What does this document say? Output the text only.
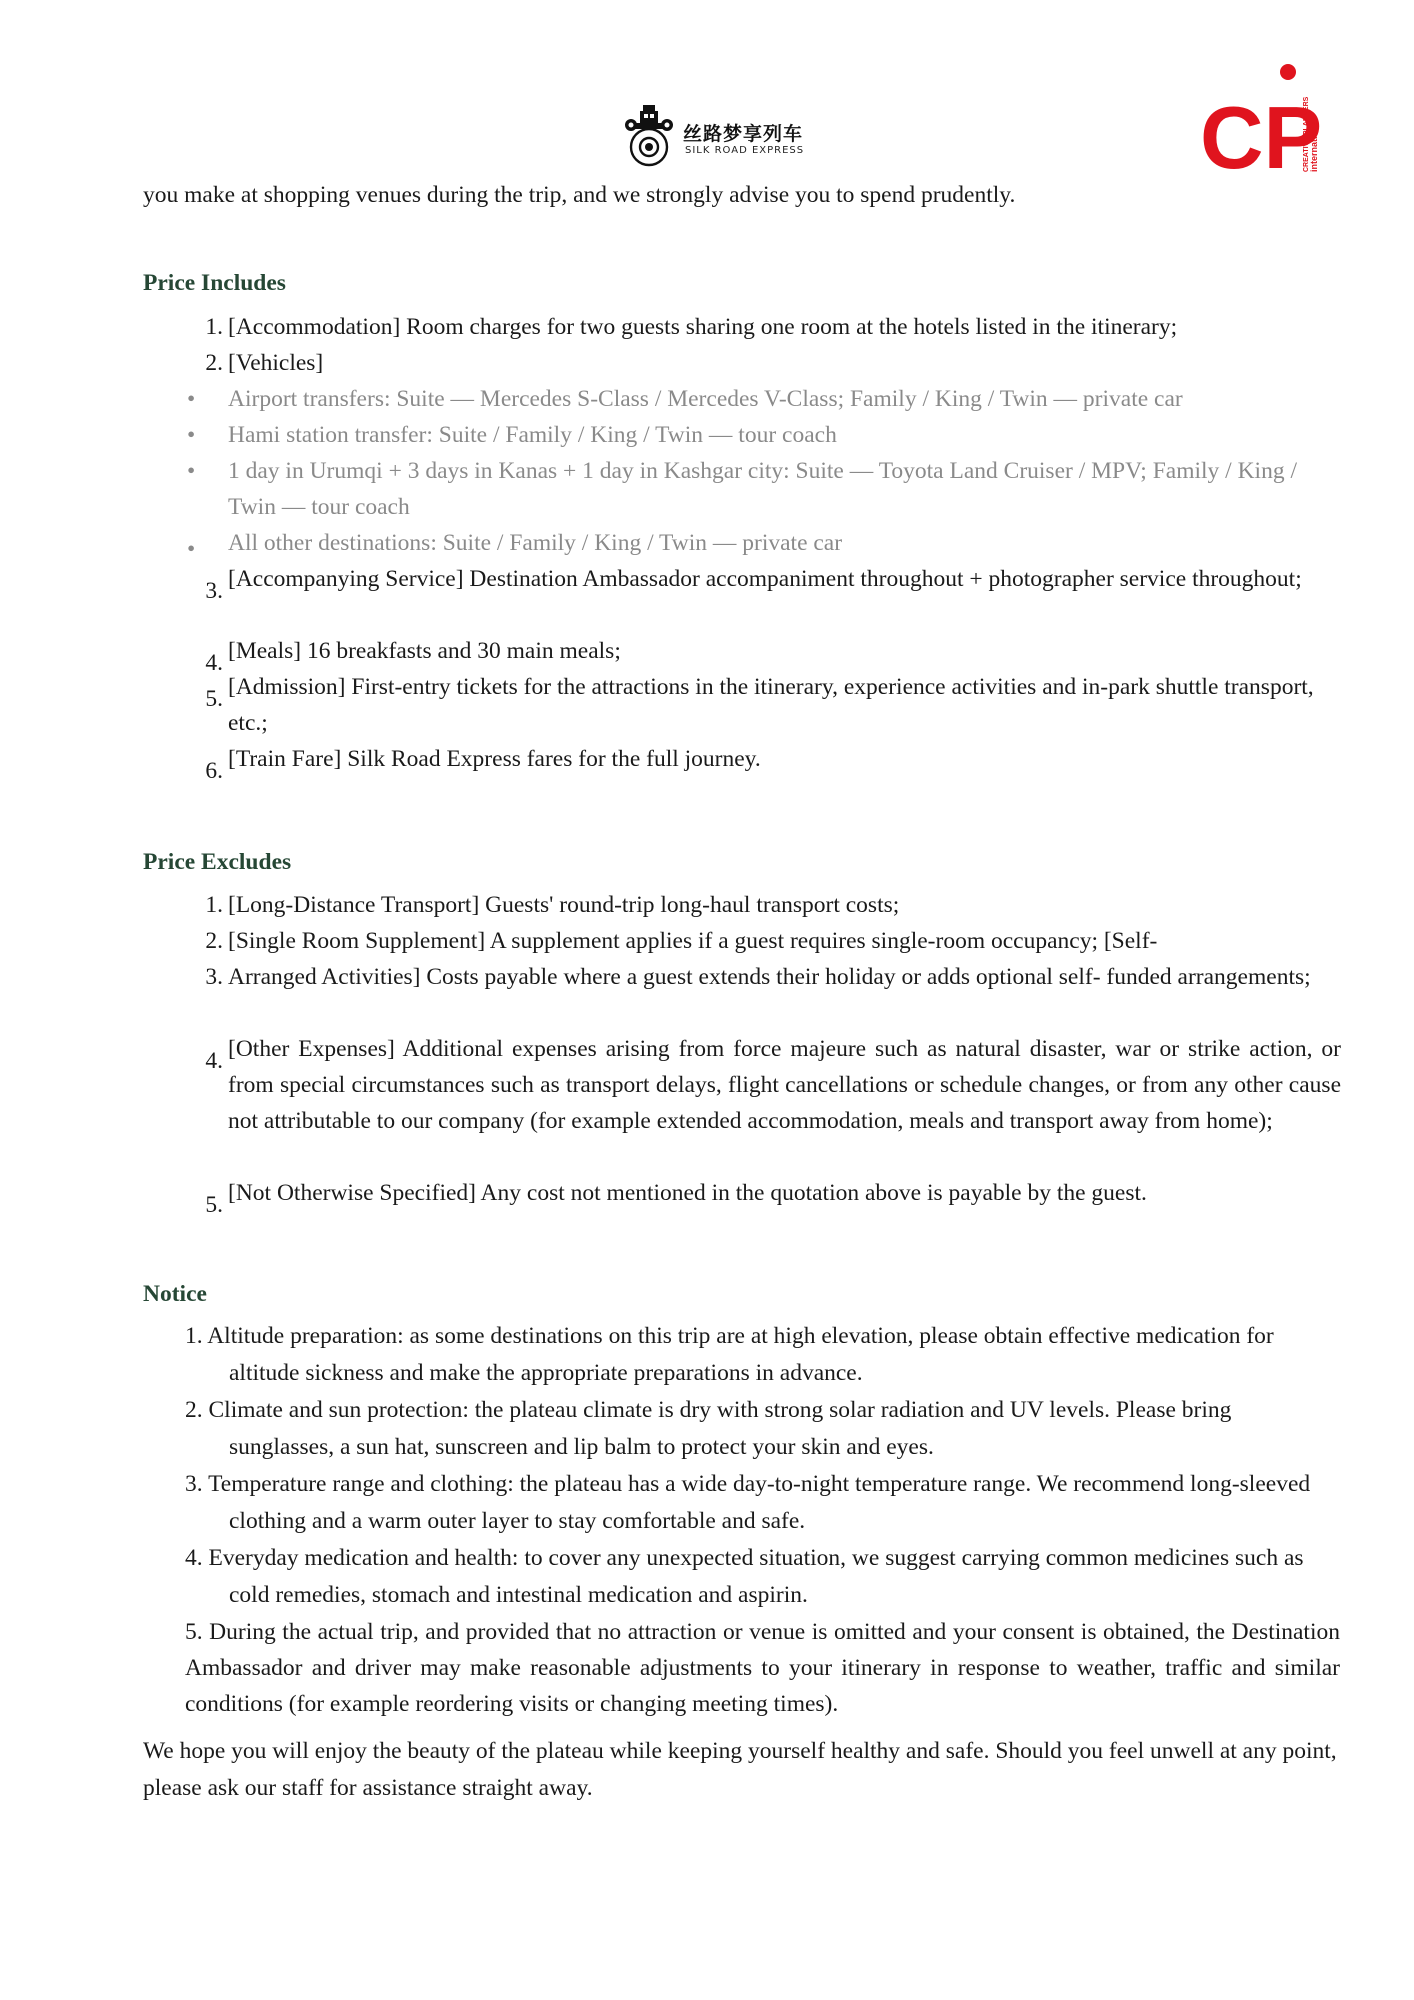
丝路梦享列车
SILK ROAD EXPRESS	CP
CREATIVE PLANNERS international
you make at shopping venues during the trip, and we strongly advise you to spend prudently.
Price Includes
1. [Accommodation] Room charges for two guests sharing one room at the hotels listed in the itinerary;
2. [Vehicles]
•	Airport transfers: Suite — Mercedes S-Class / Mercedes V-Class; Family / King / Twin — private car
•	Hami station transfer: Suite / Family / King / Twin — tour coach
•	1 day in Urumqi + 3 days in Kanas + 1 day in Kashgar city: Suite — Toyota Land Cruiser / MPV; Family / King / Twin — tour coach
•	All other destinations: Suite / Family / King / Twin — private car
3. [Accompanying Service] Destination Ambassador accompaniment throughout + photographer service throughout;
4. [Meals] 16 breakfasts and 30 main meals;
5. [Admission] First-entry tickets for the attractions in the itinerary, experience activities and in-park shuttle transport, etc.;
6. [Train Fare] Silk Road Express fares for the full journey.
Price Excludes
1. [Long-Distance Transport] Guests' round-trip long-haul transport costs;
2. [Single Room Supplement] A supplement applies if a guest requires single-room occupancy; [Self-
3. Arranged Activities] Costs payable where a guest extends their holiday or adds optional self- funded arrangements;
4. [Other Expenses] Additional expenses arising from force majeure such as natural disaster, war or strike action, or from special circumstances such as transport delays, flight cancellations or schedule changes, or from any other cause not attributable to our company (for example extended accommodation, meals and transport away from home);
5. [Not Otherwise Specified] Any cost not mentioned in the quotation above is payable by the guest.
Notice
1. Altitude preparation: as some destinations on this trip are at high elevation, please obtain effective medication for altitude sickness and make the appropriate preparations in advance.
2. Climate and sun protection: the plateau climate is dry with strong solar radiation and UV levels. Please bring sunglasses, a sun hat, sunscreen and lip balm to protect your skin and eyes.
3. Temperature range and clothing: the plateau has a wide day-to-night temperature range. We recommend long-sleeved clothing and a warm outer layer to stay comfortable and safe.
4. Everyday medication and health: to cover any unexpected situation, we suggest carrying common medicines such as cold remedies, stomach and intestinal medication and aspirin.
5. During the actual trip, and provided that no attraction or venue is omitted and your consent is obtained, the Destination Ambassador and driver may make reasonable adjustments to your itinerary in response to weather, traffic and similar conditions (for example reordering visits or changing meeting times).
We hope you will enjoy the beauty of the plateau while keeping yourself healthy and safe. Should you feel unwell at any point, please ask our staff for assistance straight away.
